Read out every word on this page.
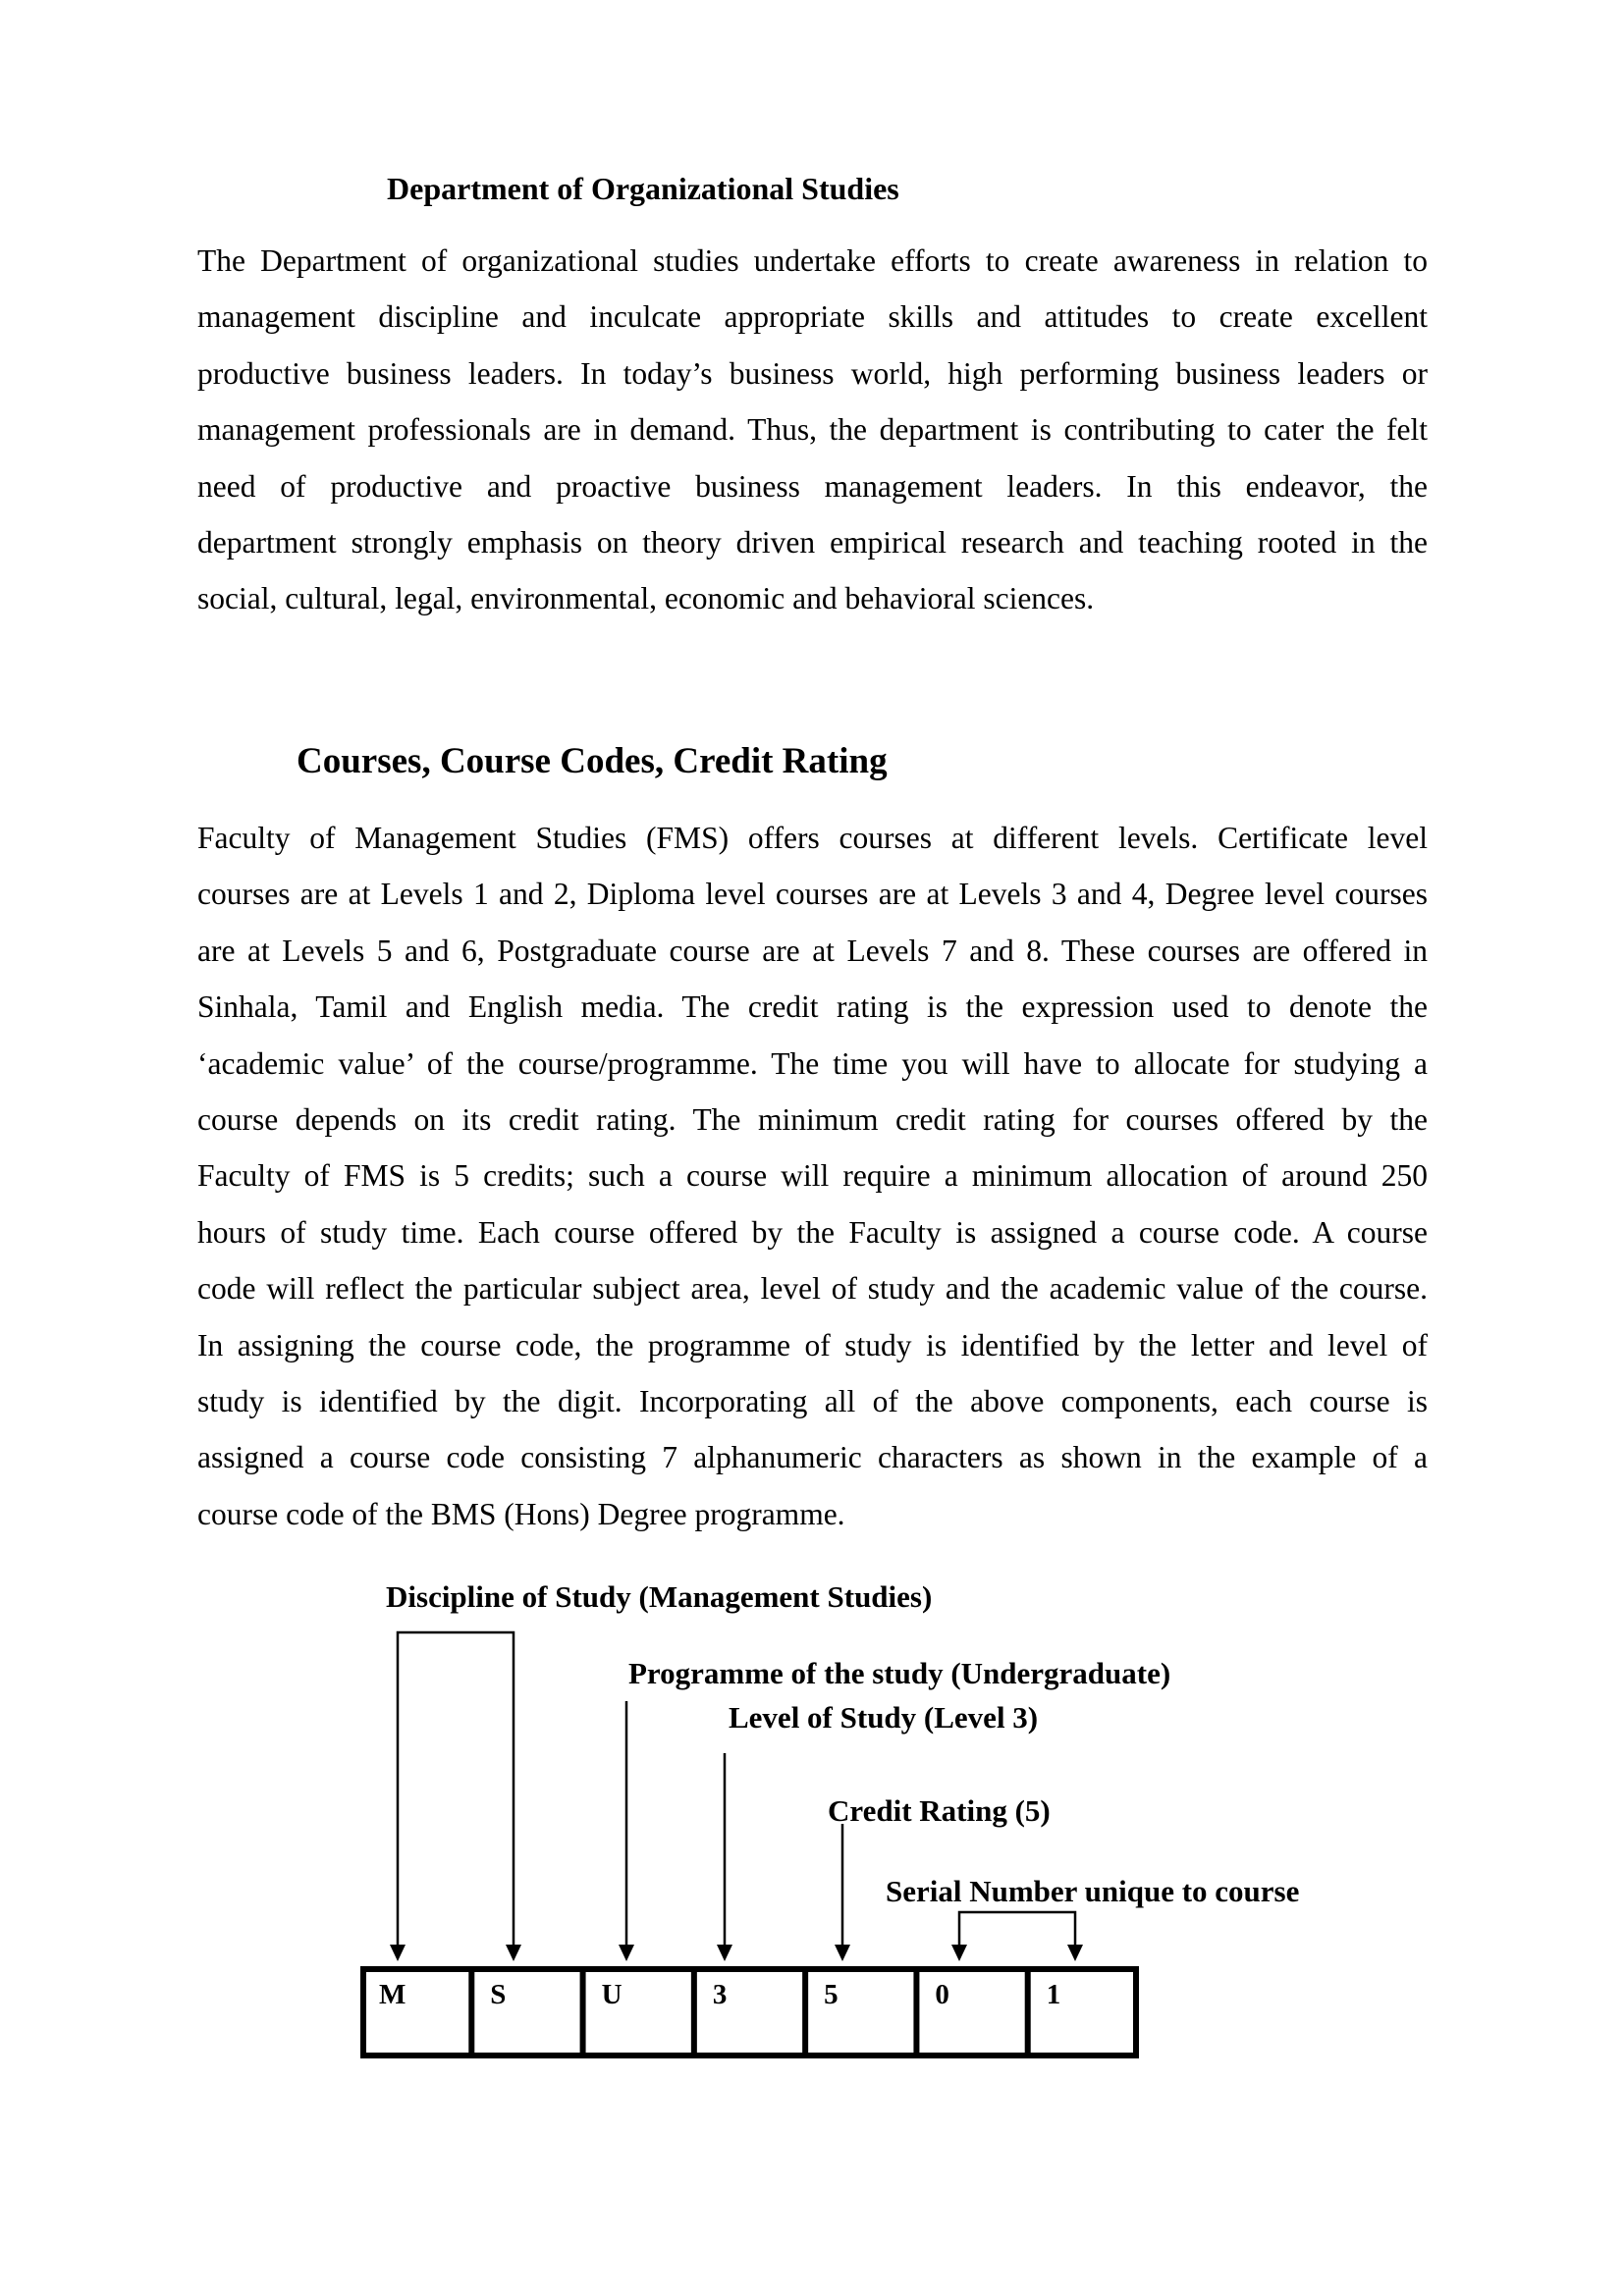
Department of Organizational Studies
The Department of organizational studies undertake efforts to create awareness in relation to
management discipline and inculcate appropriate skills and attitudes to create excellent
productive business leaders. In today’s business world, high performing business leaders or
management professionals are in demand. Thus, the department is contributing to cater the felt
need of productive and proactive business management leaders. In this endeavor, the
department strongly emphasis on theory driven empirical research and teaching rooted in the
social, cultural, legal, environmental, economic and behavioral sciences.
Courses, Course Codes, Credit Rating
Faculty of Management Studies (FMS) offers courses at different levels. Certificate level
courses are at Levels 1 and 2, Diploma level courses are at Levels 3 and 4, Degree level courses
are at Levels 5 and 6, Postgraduate course are at Levels 7 and 8. These courses are offered in
Sinhala, Tamil and English media. The credit rating is the expression used to denote the
‘academic value’ of the course/programme. The time you will have to allocate for studying a
course depends on its credit rating. The minimum credit rating for courses offered by the
Faculty of FMS is 5 credits; such a course will require a minimum allocation of around 250
hours of study time. Each course offered by the Faculty is assigned a course code. A course
code will reflect the particular subject area, level of study and the academic value of the course.
In assigning the course code, the programme of study is identified by the letter and level of
study is identified by the digit. Incorporating all of the above components, each course is
assigned a course code consisting 7 alphanumeric characters as shown in the example of a
course code of the BMS (Hons) Degree programme.
Discipline of Study (Management Studies)
Programme of the study (Undergraduate)
Level of Study (Level 3)
Credit Rating (5)
Serial Number unique to course
M	S	U	3	5	0	1
